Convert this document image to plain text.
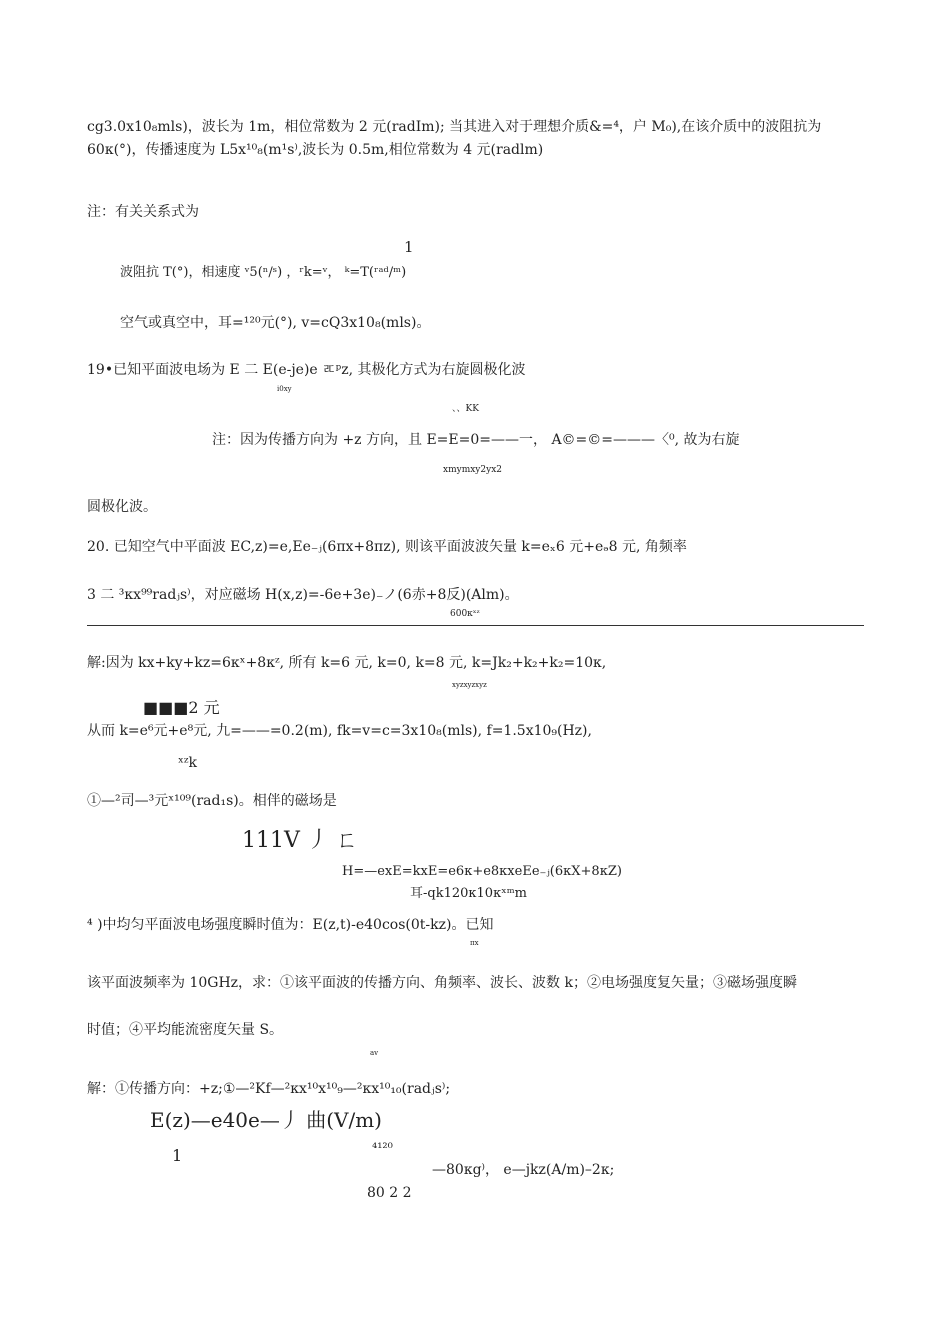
cg3.0x10₈mls)，波长为 1m，相位常数为 2 元(radIm); 当其进入对于理想介质&=⁴，户 M₀),在该介质中的波阻抗为
60κ(°)，传播速度为 L5x¹⁰₈(m¹s⁾,波长为 0.5m,相位常数为 4 元(radlm)
注：有关关系式为
1
波阻抗 T(°)，相速度 ᵛ5(ⁿ/ˢ) ，ʳk=ᵛ， ᵏ=T(ʳᵃᵈ/ᵐ)
空气或真空中，耳=¹²⁰元(°), v=cQ3x10₈(mls)。
19•已知平面波电场为 E 二 E(e-je)e ㅪᵖz, 其极化方式为右旋圆极化波
i0xy
、、KK
注：因为传播方向为 +z 方向，且 E=E=0=——一， A©=©=———〈⁰, 故为右旋
xmymxy2yx2
圆极化波。
20. 已知空气中平面波 EC,z)=e,Ee₋ⱼ(6πx+8πz), 则该平面波波矢量 k=eₓ6 元+eₔ8 元, 角频率
3 二 ³κx⁹⁹radⱼs⁾，对应磁场 H(x,z)=-6e+3e)₋ノ(6赤+8反)(Alm)。
600κˣᶻ
解:因为 kx+ky+kz=6κˣ+8κᶻ, 所有 k=6 元, k=0, k=8 元, k=Jk₂+k₂+k₂=10κ,
xyzxyzxyz
■■■2 元
从而 k=e⁶元+e⁸元, 九=——=0.2(m), fk=v=c=3x10₈(mls), f=1.5x10₉(Hz),
ˣᶻk
①—²司—³元ˣ¹⁰⁹(rad₁s)。相伴的磁场是
111V 丿 ㄈ
H=—exE=kxE=e6κ+e8κxeEe₋ⱼ(6κX+8κZ)
耳-qk120κ10κˣᵐm
⁴ )中均匀平面波电场强度瞬时值为：E(z,t)-e40cos(0t-kz)。已知
πx
该平面波频率为 10GHz，求：①该平面波的传播方向、角频率、波长、波数 k；②电场强度复矢量；③磁场强度瞬
时值；④平均能流密度矢量 S。
av
解：①传播方向：+z;①—²Kf—²κx¹⁰x¹⁰₉—²κx¹⁰₁₀(radⱼs⁾;
E(z)—e40e—丿 曲(V/m)
1	⁴¹²⁰
—80κg⁾， e—jkz(A/m)–2κ;
80 2 2
